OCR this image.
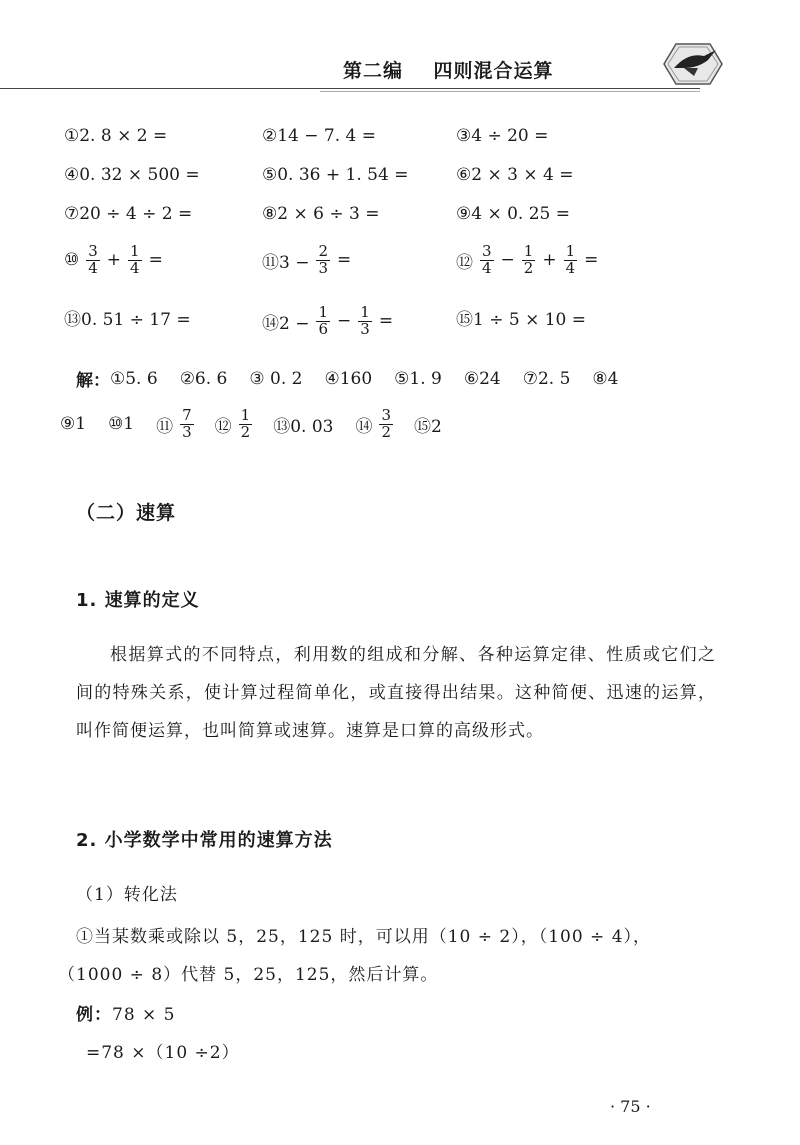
第二编    四则混合运算
①2. 8 × 2 =	②14 − 7. 4 =	③4 ÷ 20 =
④0. 32 × 500 =	⑤0. 36 + 1. 54 =	⑥2 × 3 × 4 =
⑦20 ÷ 4 ÷ 2 =	⑧2 × 6 ÷ 3 =	⑨4 × 0. 25 =
⑩ $\frac{3}{4} + \frac{1}{4}$ =	⑪3 − $\frac{2}{3}$ =	⑫ $\frac{3}{4} - \frac{1}{2} + \frac{1}{4}$ =
⑬0. 51 ÷ 17 =	⑭2 − $\frac{1}{6} - \frac{1}{3}$ =	⑮1 ÷ 5 × 10 =
解： ①5. 6 ②6. 6 ③ 0. 2 ④160 ⑤1. 9 ⑥24 ⑦2. 5 ⑧4
⑨1 ⑩1 ⑪ $\frac{7}{3}$ ⑫ $\frac{1}{2}$ ⑬0. 03 ⑭ $\frac{3}{2}$ ⑮2
（二）速算
1. 速算的定义
根据算式的不同特点，利用数的组成和分解、各种运算定律、性质或它们之间的特殊关系，使计算过程简单化，或直接得出结果。这种简便、迅速的运算，叫作简便运算，也叫简算或速算。速算是口算的高级形式。
2. 小学数学中常用的速算方法
（1）转化法
①当某数乘或除以 5，25，125 时，可以用（10 ÷ 2），（100 ÷ 4），
（1000 ÷ 8）代替 5，25，125，然后计算。
例：78 × 5
=78 ×（10 ÷2）
· 75 ·
